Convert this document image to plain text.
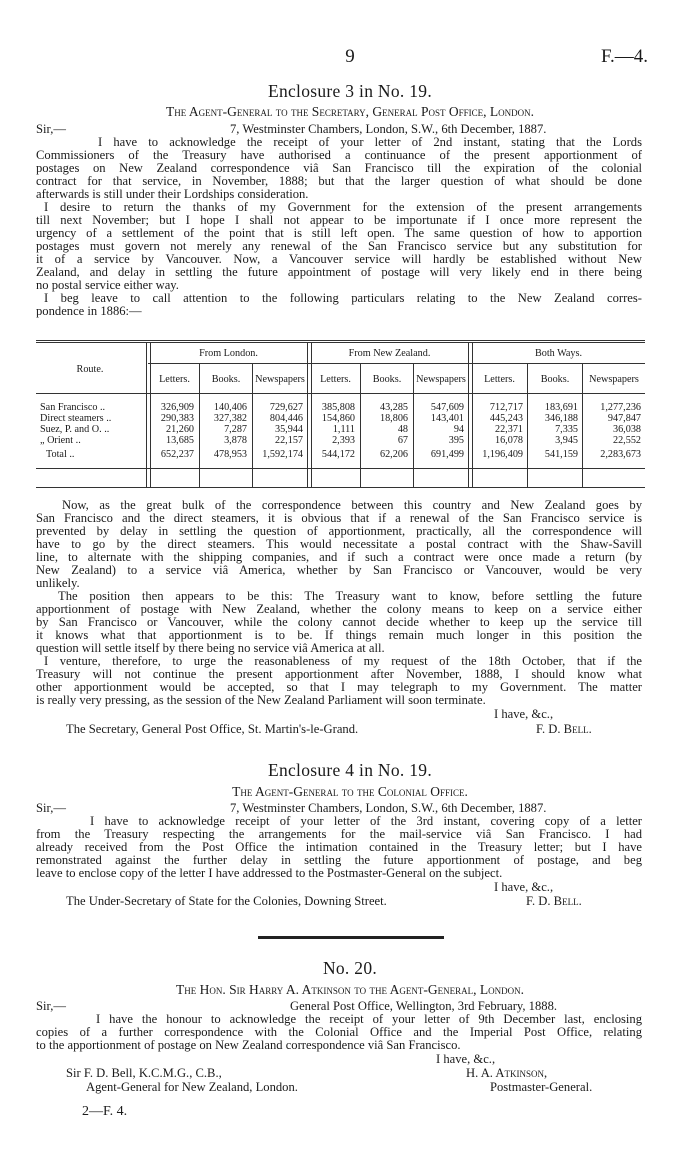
9	F.—4.
Enclosure 3 in No. 19.
The Agent-General to the Secretary, General Post Office, London.
Sir,—	7, Westminster Chambers, London, S.W., 6th December, 1887.
I have to acknowledge the receipt of your letter of 2nd instant, stating that the Lords
Commissioners of the Treasury have authorised a continuance of the present apportionment of
postages on New Zealand correspondence viâ San Francisco till the expiration of the colonial
contract for that service, in November, 1888; but that the larger question of what should be done
afterwards is still under their Lordships consideration.
I desire to return the thanks of my Government for the extension of the present arrangements
till next November; but I hope I shall not appear to be importunate if I once more represent the
urgency of a settlement of the point that is still left open. The same question of how to apportion
postages must govern not merely any renewal of the San Francisco service but any substitution for
it of a service by Vancouver. Now, a Vancouver service will hardly be established without New
Zealand, and delay in settling the future appointment of postage will very likely end in there being
no postal service either way.
I beg leave to call attention to the following particulars relating to the New Zealand corres-
pondence in 1886:—
Route.
From London.	From New Zealand.	Both Ways.
Letters.	Books.	Newspapers	Letters.	Books.	Newspapers	Letters.	Books.	Newspapers
San Francisco ..	326,909	140,406	729,627	385,808	43,285	547,609	712,717	183,691	1,277,236
Direct steamers ..	290,383	327,382	804,446	154,860	18,806	143,401	445,243	346,188	947,847
Suez, P. and O. ..	21,260	7,287	35,944	1,111	48	94	22,371	7,335	36,038
„ Orient ..	13,685	3,878	22,157	2,393	67	395	16,078	3,945	22,552
Total ..	652,237	478,953	1,592,174	544,172	62,206	691,499	1,196,409	541,159	2,283,673
Now, as the great bulk of the correspondence between this country and New Zealand goes by
San Francisco and the direct steamers, it is obvious that if a renewal of the San Francisco service is
prevented by delay in settling the question of apportionment, practically, all the correspondence will
have to go by the direct steamers. This would necessitate a postal contract with the Shaw-Savill
line, to alternate with the shipping companies, and if such a contract were once made a return (by
New Zealand) to a service viâ America, whether by San Francisco or Vancouver, would be very
unlikely.
The position then appears to be this: The Treasury want to know, before settling the future
apportionment of postage with New Zealand, whether the colony means to keep on a service either
by San Francisco or Vancouver, while the colony cannot decide whether to keep up the service till
it knows what that apportionment is to be. If things remain much longer in this position the
question will settle itself by there being no service viâ America at all.
I venture, therefore, to urge the reasonableness of my request of the 18th October, that if the
Treasury will not continue the present apportionment after November, 1888, I should know what
other apportionment would be accepted, so that I may telegraph to my Government. The matter
is really very pressing, as the session of the New Zealand Parliament will soon terminate.
I have, &c.,
The Secretary, General Post Office, St. Martin's-le-Grand.	F. D. Bell.
Enclosure 4 in No. 19.
The Agent-General to the Colonial Office.
Sir,—	7, Westminster Chambers, London, S.W., 6th December, 1887.
I have to acknowledge receipt of your letter of the 3rd instant, covering copy of a letter
from the Treasury respecting the arrangements for the mail-service viâ San Francisco. I had
already received from the Post Office the intimation contained in the Treasury letter; but I have
remonstrated against the further delay in settling the future apportionment of postage, and beg
leave to enclose copy of the letter I have addressed to the Postmaster-General on the subject.
I have, &c.,
The Under-Secretary of State for the Colonies, Downing Street.	F. D. Bell.
No. 20.
The Hon. Sir Harry A. Atkinson to the Agent-General, London.
Sir,—	General Post Office, Wellington, 3rd February, 1888.
I have the honour to acknowledge the receipt of your letter of 9th December last, enclosing
copies of a further correspondence with the Colonial Office and the Imperial Post Office, relating
to the apportionment of postage on New Zealand correspondence viâ San Francisco.
I have, &c.,
Sir F. D. Bell, K.C.M.G., C.B.,	H. A. Atkinson,
Agent-General for New Zealand, London.	Postmaster-General.
2—F. 4.
